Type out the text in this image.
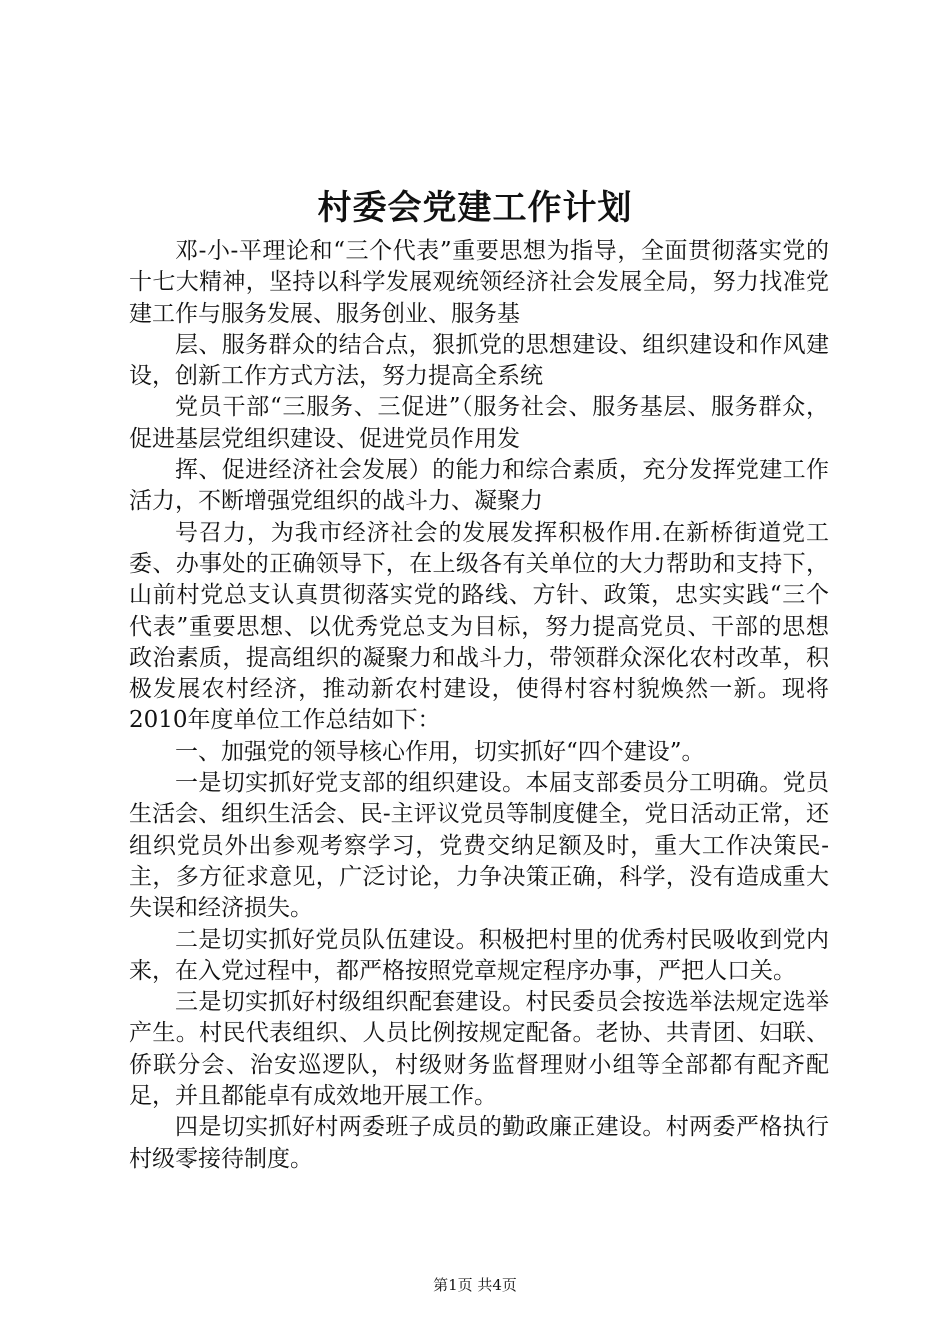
村委会党建工作计划

邓-小-平理论和“三个代表”重要思想为指导，全面贯彻落实党的十七大精神，坚持以科学发展观统领经济社会发展全局，努力找准党建工作与服务发展、服务创业、服务基

层、服务群众的结合点，狠抓党的思想建设、组织建设和作风建设，创新工作方式方法，努力提高全系统

党员干部“三服务、三促进”（服务社会、服务基层、服务群众，促进基层党组织建设、促进党员作用发

挥、促进经济社会发展）的能力和综合素质，充分发挥党建工作活力，不断增强党组织的战斗力、凝聚力

号召力，为我市经济社会的发展发挥积极作用.在新桥街道党工委、办事处的正确领导下，在上级各有关单位的大力帮助和支持下，山前村党总支认真贯彻落实党的路线、方针、政策，忠实实践“三个代表”重要思想、以优秀党总支为目标，努力提高党员、干部的思想政治素质，提高组织的凝聚力和战斗力，带领群众深化农村改革，积极发展农村经济，推动新农村建设，使得村容村貌焕然一新。现将2010年度单位工作总结如下：

一、加强党的领导核心作用，切实抓好“四个建设”。

一是切实抓好党支部的组织建设。本届支部委员分工明确。党员生活会、组织生活会、民-主评议党员等制度健全，党日活动正常，还组织党员外出参观考察学习，党费交纳足额及时，重大工作决策民-主，多方征求意见，广泛讨论，力争决策正确，科学，没有造成重大失误和经济损失。

二是切实抓好党员队伍建设。积极把村里的优秀村民吸收到党内来，在入党过程中，都严格按照党章规定程序办事，严把人口关。

三是切实抓好村级组织配套建设。村民委员会按选举法规定选举产生。村民代表组织、人员比例按规定配备。老协、共青团、妇联、侨联分会、治安巡逻队，村级财务监督理财小组等全部都有配齐配足，并且都能卓有成效地开展工作。

四是切实抓好村两委班子成员的勤政廉正建设。村两委严格执行村级零接待制度。

第1页 共4页
